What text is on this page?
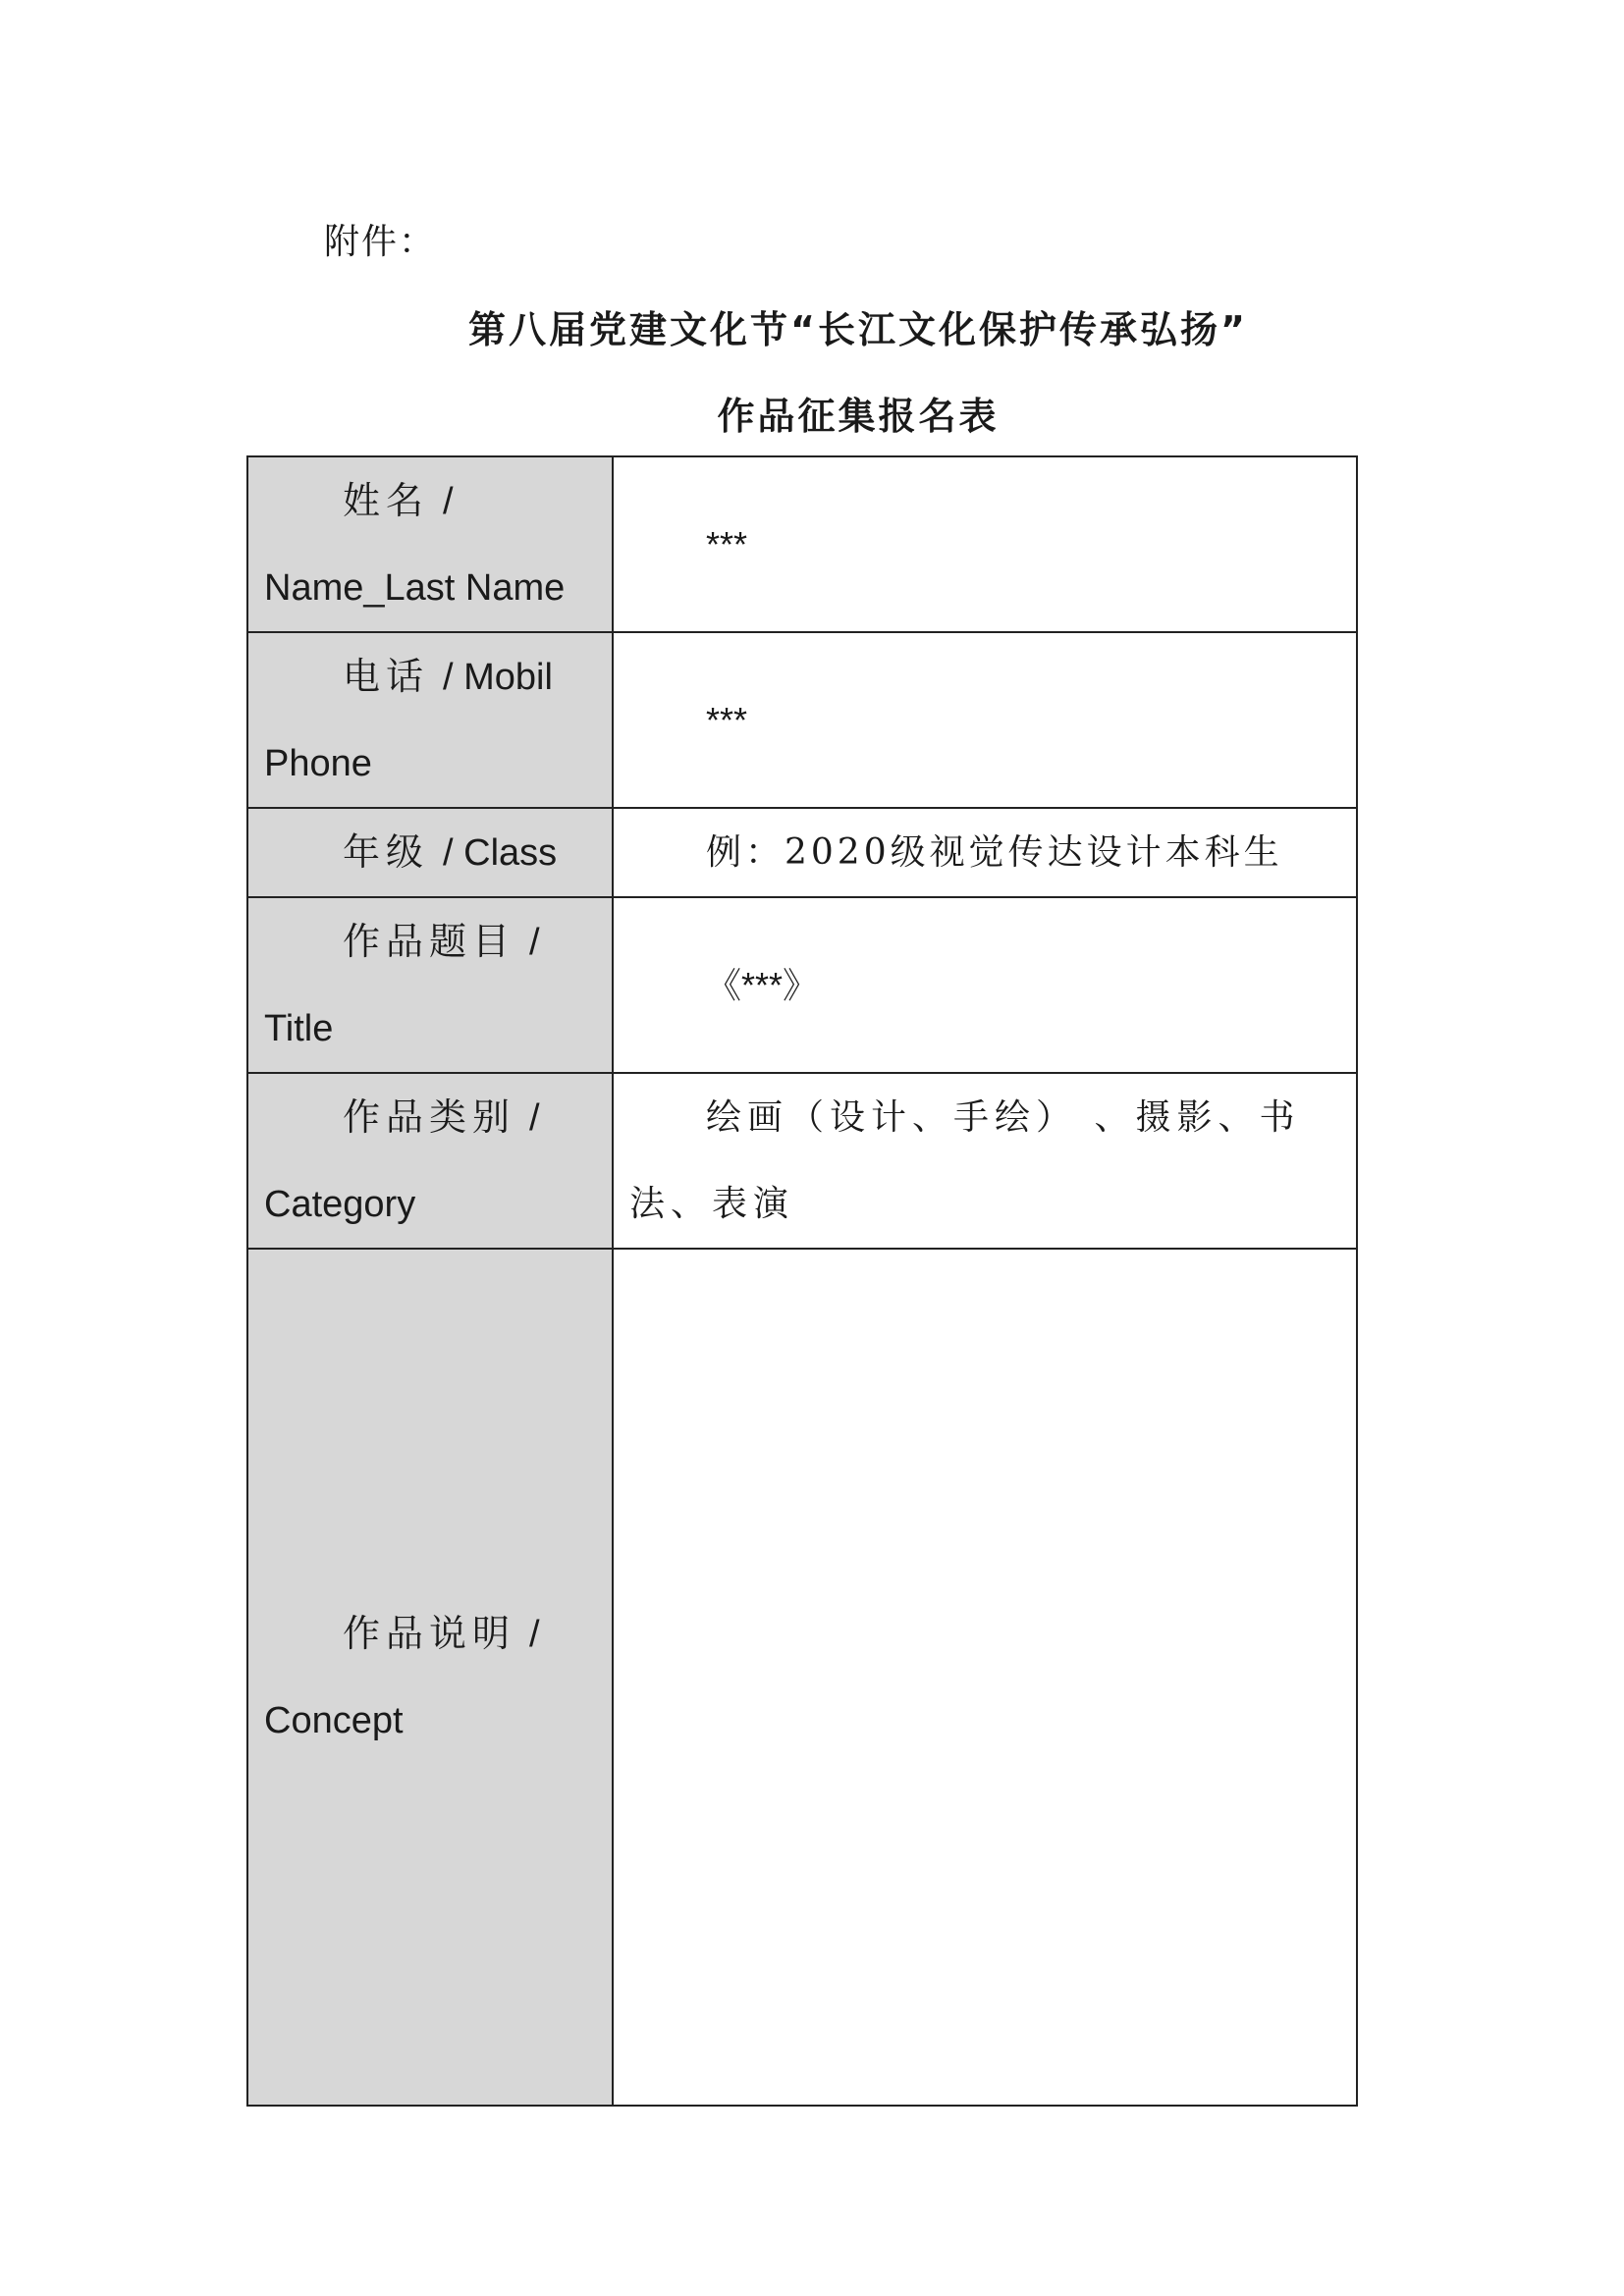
附件：
第八届党建文化节“长江文化保护传承弘扬”
作品征集报名表
姓名 /
Name_Last Name	***

电话 / Mobil
Phone	***

年级 / Class	例：2020级视觉传达设计本科生

作品题目 /
Title	《***》

作品类别 /
Category	绘画（设计、手绘） 、摄影、书法、表演

作品说明 /
Concept	
